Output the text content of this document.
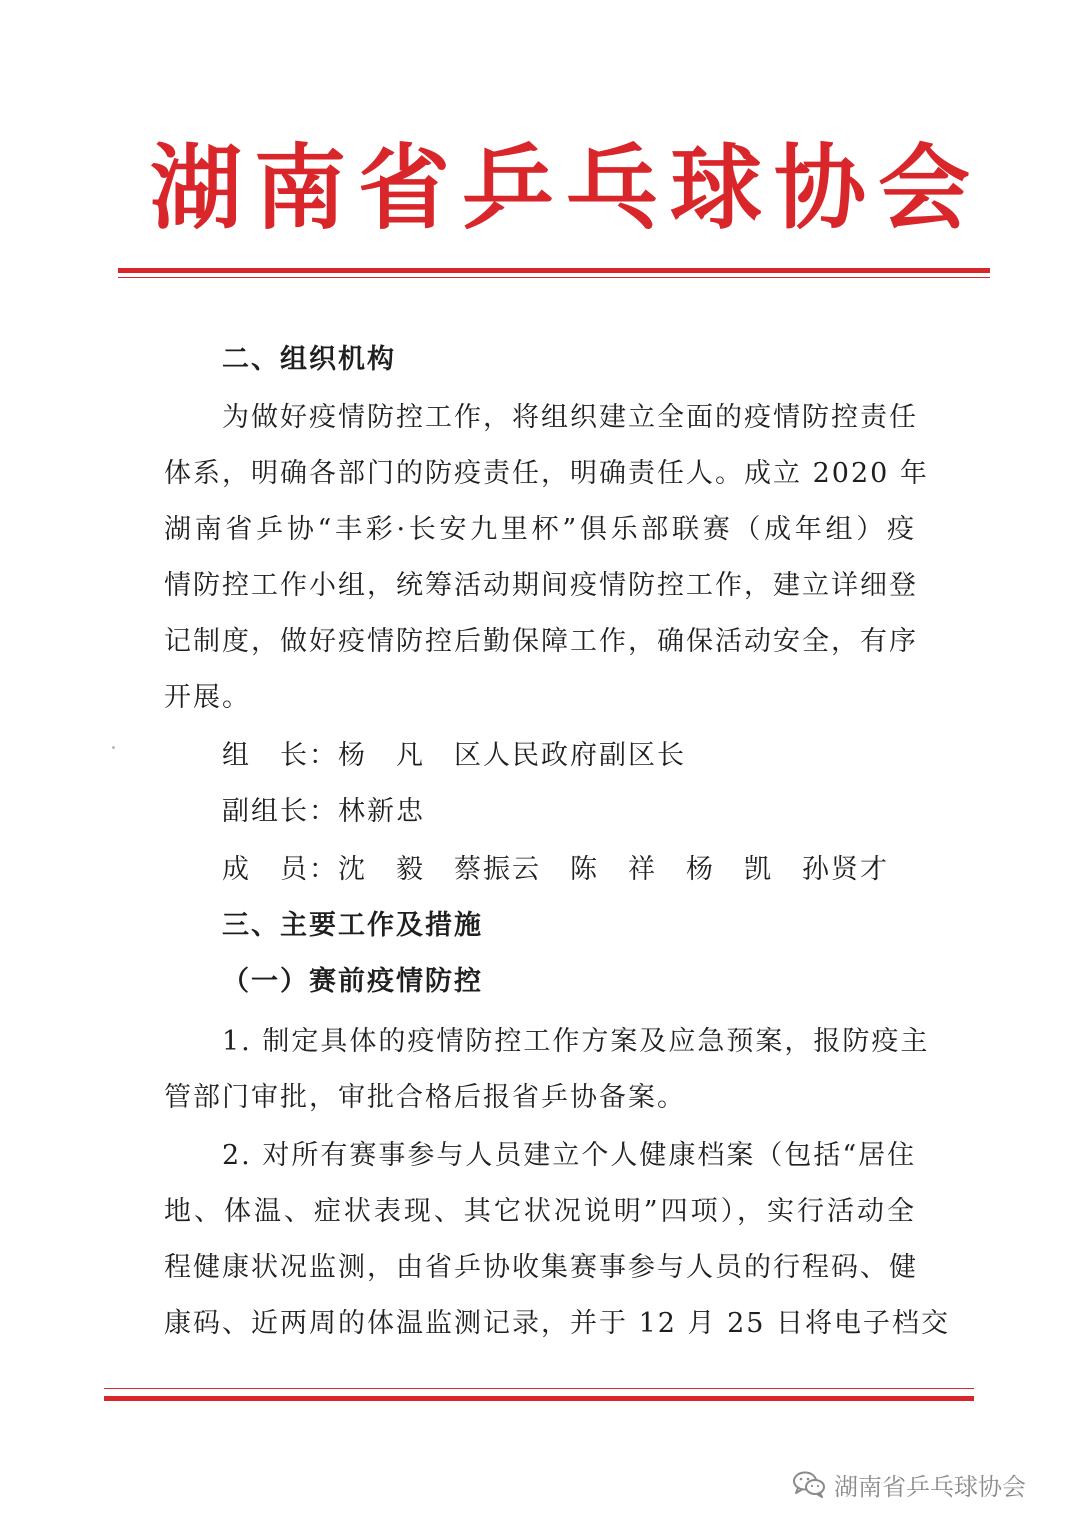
湖南省乒乓球协会
二、组织机构
为做好疫情防控工作，将组织建立全面的疫情防控责任
体系，明确各部门的防疫责任，明确责任人。成立 2020 年
湖南省乒协“丰彩·长安九里杯”俱乐部联赛（成年组）疫
情防控工作小组，统筹活动期间疫情防控工作，建立详细登
记制度，做好疫情防控后勤保障工作，确保活动安全，有序
开展。
组　长：杨　凡　区人民政府副区长
副组长：林新忠
成　员：沈　毅　蔡振云　陈　祥　杨　凯　孙贤才
三、主要工作及措施
（一）赛前疫情防控
1. 制定具体的疫情防控工作方案及应急预案，报防疫主
管部门审批，审批合格后报省乒协备案。
2. 对所有赛事参与人员建立个人健康档案（包括“居住
地、体温、症状表现、其它状况说明”四项），实行活动全
程健康状况监测，由省乒协收集赛事参与人员的行程码、健
康码、近两周的体温监测记录，并于 12 月 25 日将电子档交
湖南省乒乓球协会
